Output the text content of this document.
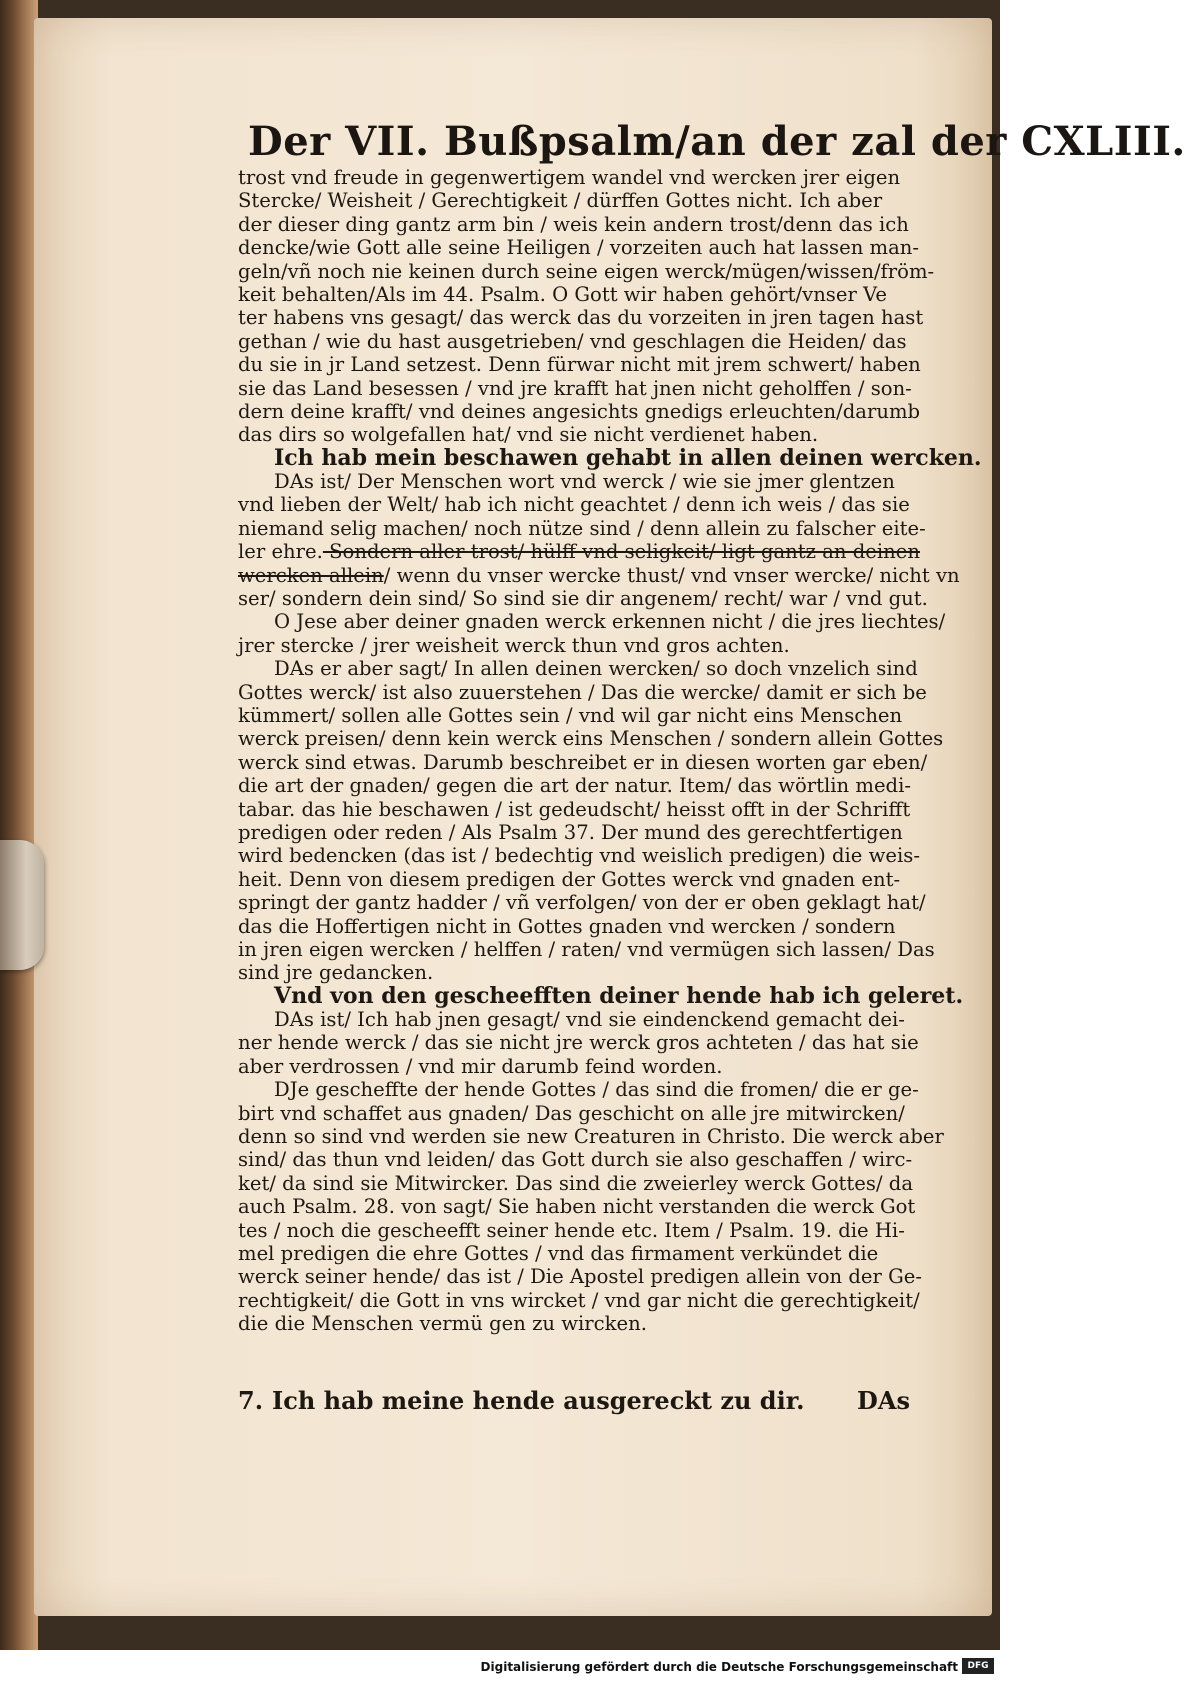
Der VII. Bußpsalm/an der zal der CXLIII.
trost vnd freude in gegenwertigem wandel vnd wercken jrer eigen
Stercke/ Weisheit / Gerechtigkeit / dürffen Gottes nicht. Ich aber
der dieser ding gantz arm bin / weis kein andern trost/denn das ich
dencke/wie Gott alle seine Heiligen / vorzeiten auch hat lassen man-
geln/vñ noch nie keinen durch seine eigen werck/mügen/wissen/fröm-
keit behalten/Als im 44. Psalm. O Gott wir haben gehört/vnser Ve
ter habens vns gesagt/ das werck das du vorzeiten in jren tagen hast
gethan / wie du hast ausgetrieben/ vnd geschlagen die Heiden/ das
du sie in jr Land setzest. Denn fürwar nicht mit jrem schwert/ haben
sie das Land besessen / vnd jre krafft hat jnen nicht geholffen / son-
dern deine krafft/ vnd deines angesichts gnedigs erleuchten/darumb
das dirs so wolgefallen hat/ vnd sie nicht verdienet haben.
Ich hab mein beschawen gehabt in allen deinen wercken.
DAs ist/ Der Menschen wort vnd werck / wie sie jmer glentzen
vnd lieben der Welt/ hab ich nicht geachtet / denn ich weis / das sie
niemand selig machen/ noch nütze sind / denn allein zu falscher eite-
ler ehre. Sondern aller trost/ hülff vnd seligkeit/ ligt gantz an deinen
wercken allein/ wenn du vnser wercke thust/ vnd vnser wercke/ nicht vn
ser/ sondern dein sind/ So sind sie dir angenem/ recht/ war / vnd gut.
O Jese aber deiner gnaden werck erkennen nicht / die jres liechtes/
jrer stercke / jrer weisheit werck thun vnd gros achten.
DAs er aber sagt/ In allen deinen wercken/ so doch vnzelich sind
Gottes werck/ ist also zuuerstehen / Das die wercke/ damit er sich be
kümmert/ sollen alle Gottes sein / vnd wil gar nicht eins Menschen
werck preisen/ denn kein werck eins Menschen / sondern allein Gottes
werck sind etwas. Darumb beschreibet er in diesen worten gar eben/
die art der gnaden/ gegen die art der natur. Item/ das wörtlin medi-
tabar. das hie beschawen / ist gedeudscht/ heisst offt in der Schrifft
predigen oder reden / Als Psalm 37. Der mund des gerechtfertigen
wird bedencken (das ist / bedechtig vnd weislich predigen) die weis-
heit. Denn von diesem predigen der Gottes werck vnd gnaden ent-
springt der gantz hadder / vñ verfolgen/ von der er oben geklagt hat/
das die Hoffertigen nicht in Gottes gnaden vnd wercken / sondern
in jren eigen wercken / helffen / raten/ vnd vermügen sich lassen/ Das
sind jre gedancken.
Vnd von den gescheefften deiner hende hab ich geleret.
DAs ist/ Ich hab jnen gesagt/ vnd sie eindenckend gemacht dei-
ner hende werck / das sie nicht jre werck gros achteten / das hat sie
aber verdrossen / vnd mir darumb feind worden.
DJe gescheffte der hende Gottes / das sind die fromen/ die er ge-
birt vnd schaffet aus gnaden/ Das geschicht on alle jre mitwircken/
denn so sind vnd werden sie new Creaturen in Christo. Die werck aber
sind/ das thun vnd leiden/ das Gott durch sie also geschaffen / wirc-
ket/ da sind sie Mitwircker. Das sind die zweierley werck Gottes/ da
auch Psalm. 28. von sagt/ Sie haben nicht verstanden die werck Got
tes / noch die gescheefft seiner hende etc. Item / Psalm. 19. die Hi-
mel predigen die ehre Gottes / vnd das firmament verkündet die
werck seiner hende/ das ist / Die Apostel predigen allein von der Ge-
rechtigkeit/ die Gott in vns wircket / vnd gar nicht die gerechtigkeit/
die die Menschen vermü gen zu wircken.
7. Ich hab meine hende ausgereckt zu dir. DAs
Digitalisierung gefördert durch die Deutsche Forschungsgemeinschaft	DFG
